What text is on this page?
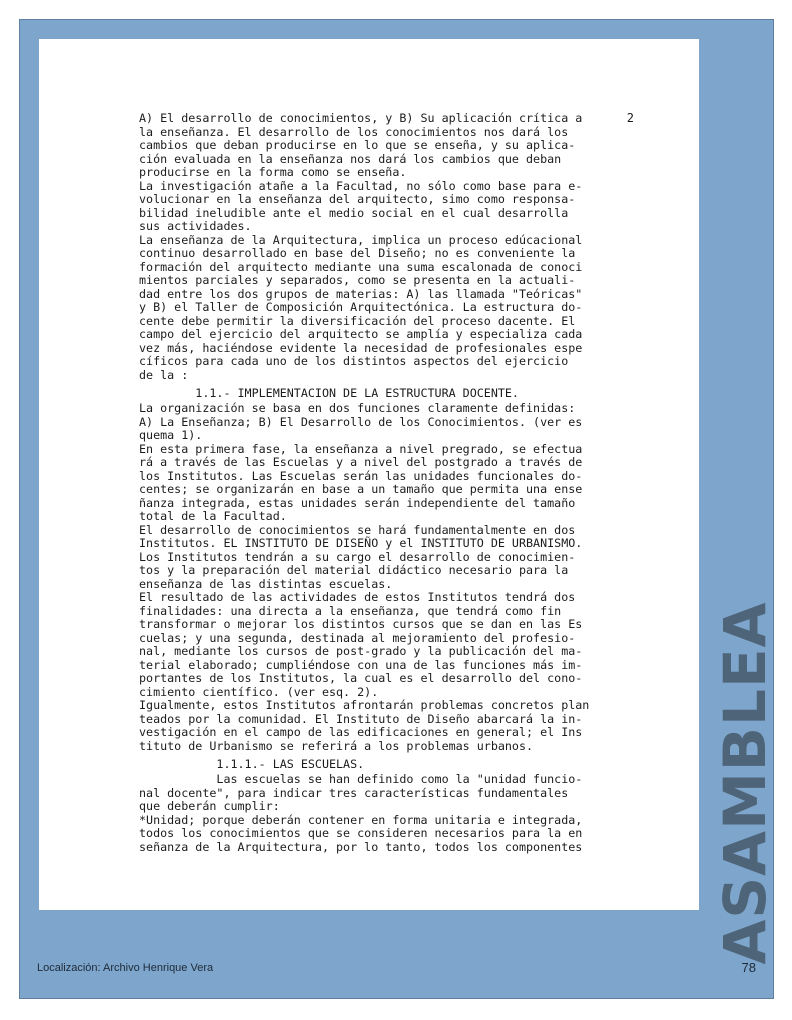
2
A) El desarrollo de conocimientos, y B) Su aplicación crítica a
la enseñanza. El desarrollo de los conocimientos nos dará los
cambios que deban producirse en lo que se enseña, y su aplica-
ción evaluada en la enseñanza nos dará los cambios que deban
producirse en la forma como se enseña.
La investigación atañe a la Facultad, no sólo como base para e-
volucionar en la enseñanza del arquitecto, simo como responsa-
bilidad ineludible ante el medio social en el cual desarrolla
sus actividades.
La enseñanza de la Arquitectura, implica un proceso edúcacional
continuo desarrollado en base del Diseño; no es conveniente la
formación del arquitecto mediante una suma escalonada de conoci
mientos parciales y separados, como se presenta en la actuali-
dad entre los dos grupos de materias: A) las llamada "Teóricas"
y B) el Taller de Composición Arquitectónica. La estructura do-
cente debe permitir la diversificación del proceso dacente. El
campo del ejercicio del arquitecto se amplía y especializa cada
vez más, haciéndose evidente la necesidad de profesionales espe
cíficos para cada uno de los distintos aspectos del ejercicio
de la :
1.1.- IMPLEMENTACION DE LA ESTRUCTURA DOCENTE.
La organización se basa en dos funciones claramente definidas:
A) La Enseñanza; B) El Desarrollo de los Conocimientos. (ver es
quema 1).
En esta primera fase, la enseñanza a nivel pregrado, se efectua
rá a través de las Escuelas y a nivel del postgrado a través de
los Institutos. Las Escuelas serán las unidades funcionales do-
centes; se organizarán en base a un tamaño que permita una ense
ñanza integrada, estas unidades serán independiente del tamaño
total de la Facultad.
El desarrollo de conocimientos se hará fundamentalmente en dos
Institutos. EL INSTITUTO DE DISEÑO y el INSTITUTO DE URBANISMO.
Los Institutos tendrán a su cargo el desarrollo de conocimien-
tos y la preparación del material didáctico necesario para la
enseñanza de las distintas escuelas.
El resultado de las actividades de estos Institutos tendrá dos
finalidades: una directa a la enseñanza, que tendrá como fin
transformar o mejorar los distintos cursos que se dan en las Es
cuelas; y una segunda, destinada al mejoramiento del profesio-
nal, mediante los cursos de post-grado y la publicación del ma-
terial elaborado; cumpliéndose con una de las funciones más im-
portantes de los Institutos, la cual es el desarrollo del cono-
cimiento científico. (ver esq. 2).
Igualmente, estos Institutos afrontarán problemas concretos plan
teados por la comunidad. El Instituto de Diseño abarcará la in-
vestigación en el campo de las edificaciones en general; el Ins
tituto de Urbanismo se referirá a los problemas urbanos.
1.1.1.- LAS ESCUELAS.
Las escuelas se han definido como la "unidad funcio-
nal docente", para indicar tres características fundamentales
que deberán cumplir:
*Unidad; porque deberán contener en forma unitaria e integrada,
todos los conocimientos que se consideren necesarios para la en
señanza de la Arquitectura, por lo tanto, todos los componentes	ASAMBLEA
Localización: Archivo Henrique Vera	78
